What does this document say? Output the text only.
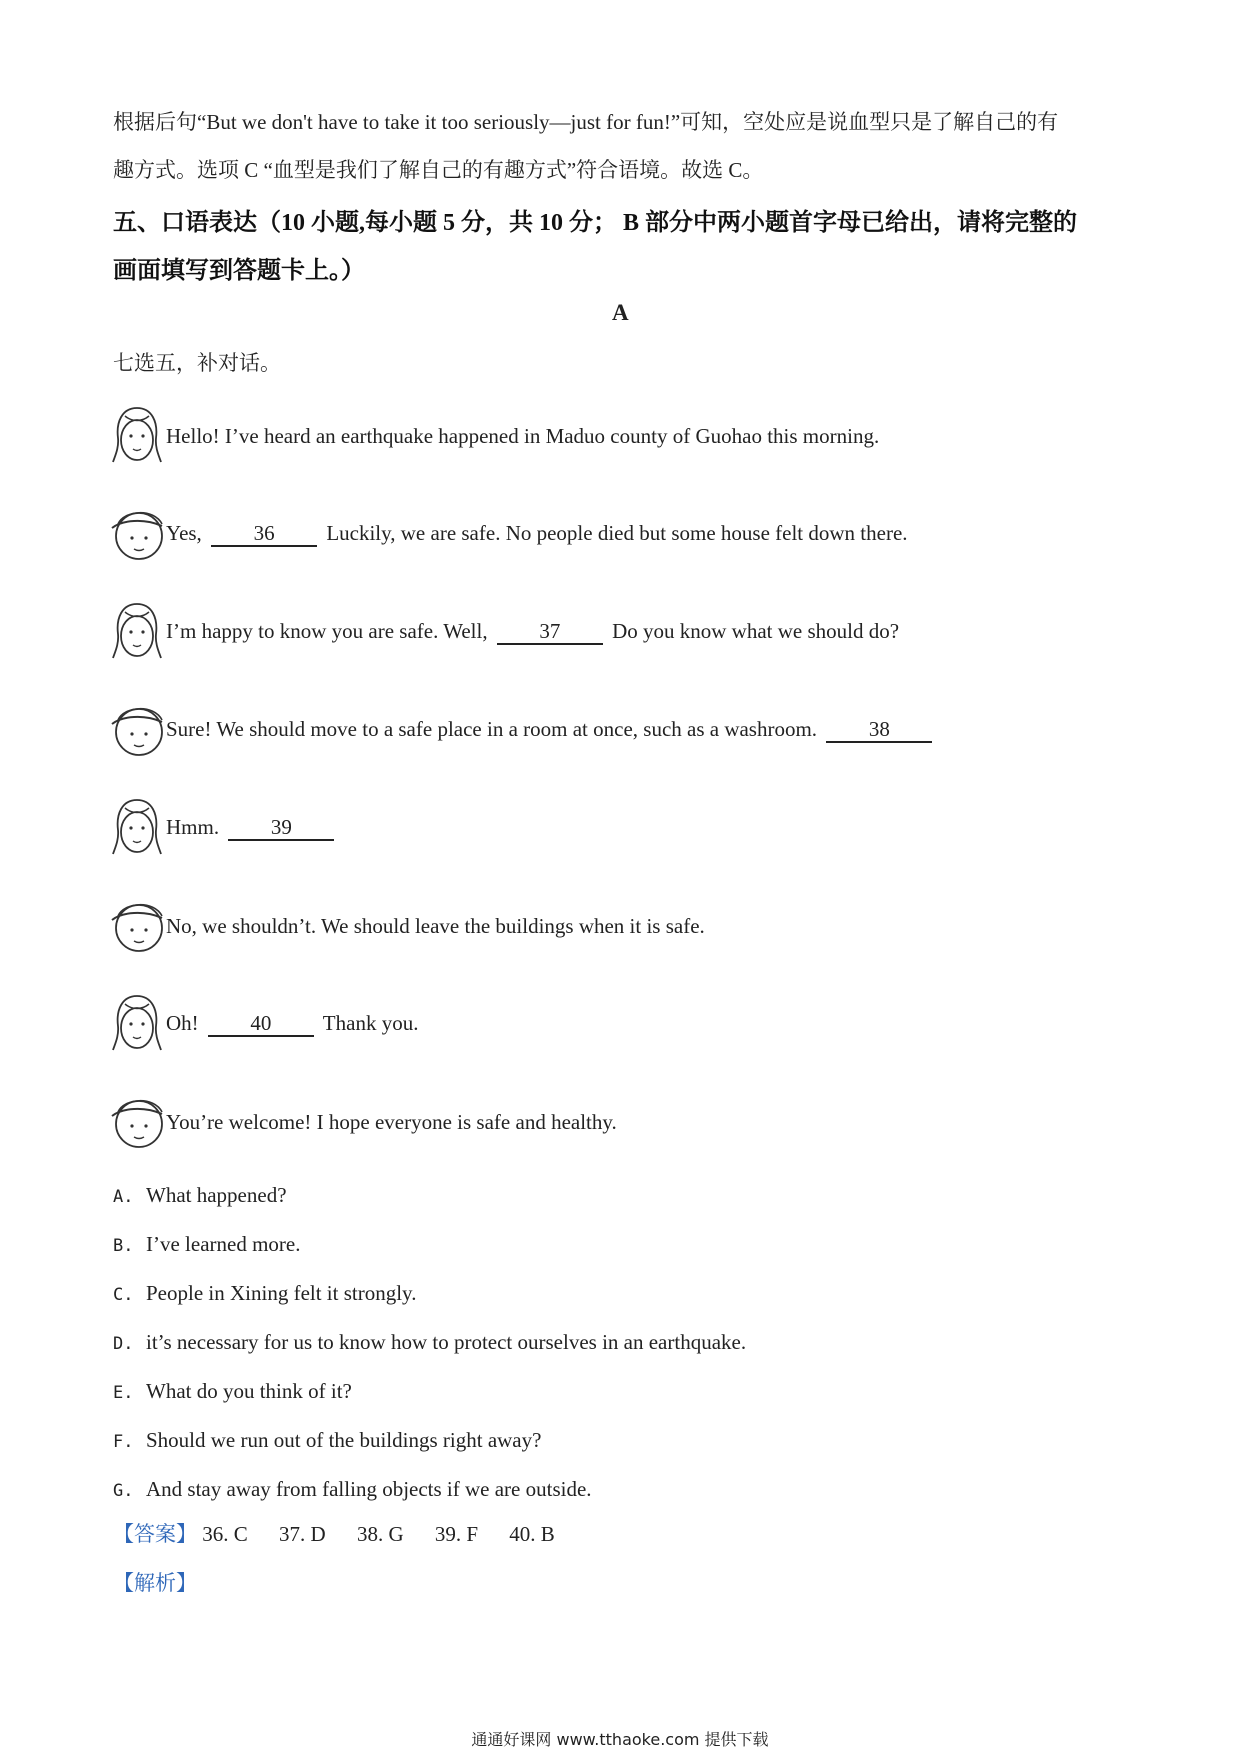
根据后句“But we don't have to take it too seriously—just for fun!”可知，空处应是说血型只是了解自己的有
趣方式。选项 C “血型是我们了解自己的有趣方式”符合语境。故选 C。
五、口语表达（10 小题,每小题 5 分，共 10 分； B 部分中两小题首字母已给出，请将完整的
画面填写到答题卡上。）
A
七选五，补对话。
Hello! I’ve heard an earthquake happened in Maduo county of Guohao this morning.
Yes, 36 Luckily, we are safe. No people died but some house felt down there.
I’m happy to know you are safe. Well, 37 Do you know what we should do?
Sure! We should move to a safe place in a room at once, such as a washroom. 38
Hmm. 39
No, we shouldn’t. We should leave the buildings when it is safe.
Oh! 40 Thank you.
You’re welcome! I hope everyone is safe and healthy.
A. What happened?
B. I’ve learned more.
C. People in Xining felt it strongly.
D. it’s necessary for us to know how to protect ourselves in an earthquake.
E. What do you think of it?
F. Should we run out of the buildings right away?
G. And stay away from falling objects if we are outside.
【答案】 36. C 37. D 38. G 39. F 40. B
【解析】
通通好课网 www.tthaoke.com 提供下载
